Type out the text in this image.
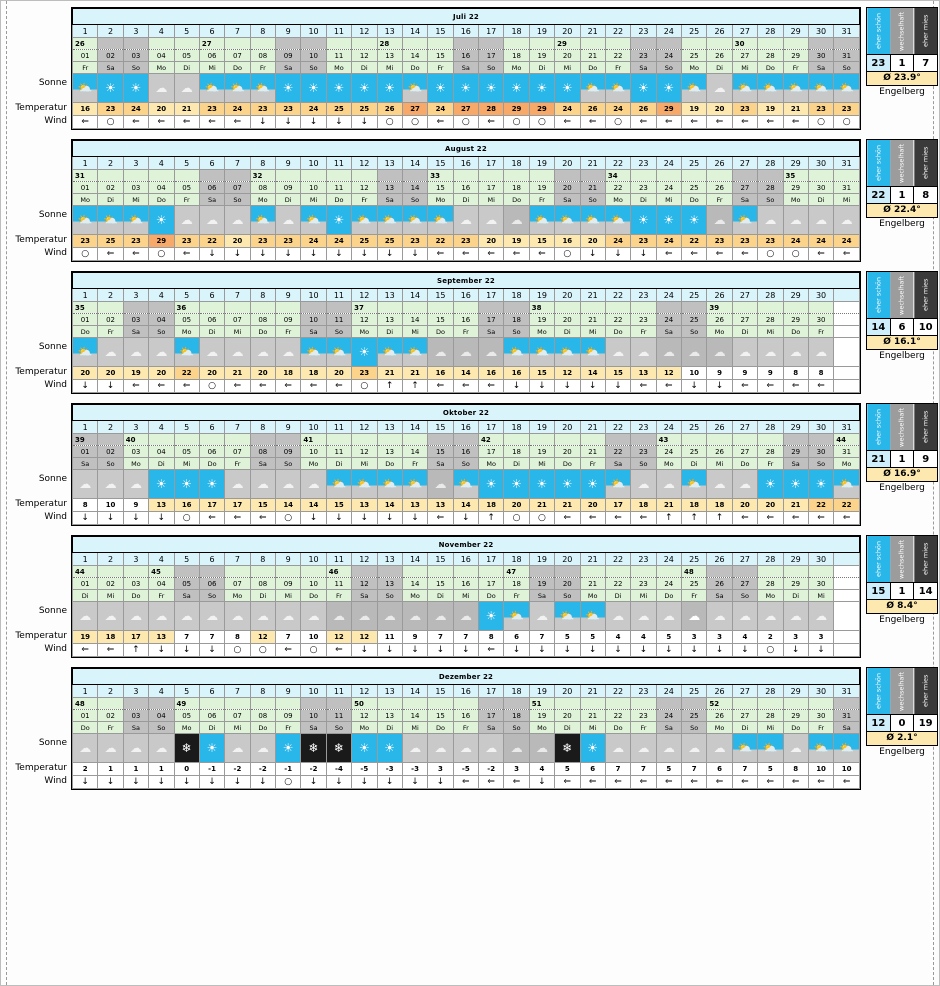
Sonne
Temperatur
Wind
Juli 22																														
1	2	3	4	5	6	7	8	9	10	11	12	13	14	15	16	17	18	19	20	21	22	23	24	25	26	27	28	29	30	31
26					27							28							29							30				
01	02	03	04	05	06	07	08	09	10	11	12	13	14	15	16	17	18	19	20	21	22	23	24	25	26	27	28	29	30	31
Fr	Sa	So	Mo	Di	Mi	Do	Fr	Sa	So	Mo	Di	Mi	Do	Fr	Sa	So	Mo	Di	Mi	Do	Fr	Sa	So	Mo	Di	Mi	Do	Fr	Sa	So

⛅	☀	☀	☁	☁	⛅	⛅	⛅	☀	☀	☀	☀	☀	⛅	☀	☀	☀	☀	☀	☀	⛅	⛅	☀	☀	⛅	☁	⛅	⛅	⛅	⛅	⛅

16	23	24	20	21	23	24	23	23	24	25	25	26	27	24	27	28	29	29	24	26	24	26	29	19	20	23	19	21	23	23
⇐	○	⇐	⇐	⇐	⇐	⇐	↓	↓	↓	↓	↓	○	○	⇐	○	⇐	○	○	⇐	⇐	○	⇐	⇐	⇐	⇐	⇐	⇐	⇐	○	○
eher schön	wechselhaft	eher mies
23	1	7
Ø 23.9°
Engelberg
Sonne
Temperatur
Wind
August 22																														
1	2	3	4	5	6	7	8	9	10	11	12	13	14	15	16	17	18	19	20	21	22	23	24	25	26	27	28	29	30	31
31							32							33							34							35		
01	02	03	04	05	06	07	08	09	10	11	12	13	14	15	16	17	18	19	20	21	22	23	24	25	26	27	28	29	30	31
Mo	Di	Mi	Do	Fr	Sa	So	Mo	Di	Mi	Do	Fr	Sa	So	Mo	Di	Mi	Do	Fr	Sa	So	Mo	Di	Mi	Do	Fr	Sa	So	Mo	Di	Mi

⛅	⛅	⛅	☀	☁	☁	☁	⛅	☁	⛅	☀	⛅	⛅	⛅	⛅	☁	☁	☁	⛅	⛅	⛅	⛅	☀	☀	☀	☁	⛅	☁	☁	☁	☁

23	25	23	29	23	22	20	23	23	24	24	25	25	23	22	23	20	19	15	16	20	24	23	24	22	23	23	23	24	24	24
○	⇐	⇐	○	⇐	↓	↓	↓	↓	↓	↓	↓	↓	↓	⇐	⇐	⇐	⇐	⇐	○	↓	↓	↓	⇐	⇐	⇐	⇐	○	○	⇐	⇐
eher schön	wechselhaft	eher mies
22	1	8
Ø 22.4°
Engelberg
Sonne
Temperatur
Wind
September 22																														
1	2	3	4	5	6	7	8	9	10	11	12	13	14	15	16	17	18	19	20	21	22	23	24	25	26	27	28	29	30	
35				36							37							38							39					
01	02	03	04	05	06	07	08	09	10	11	12	13	14	15	16	17	18	19	20	21	22	23	24	25	26	27	28	29	30	
Do	Fr	Sa	So	Mo	Di	Mi	Do	Fr	Sa	So	Mo	Di	Mi	Do	Fr	Sa	So	Mo	Di	Mi	Do	Fr	Sa	So	Mo	Di	Mi	Do	Fr	

⛅	☁	☁	☁	⛅	☁	☁	☁	☁	⛅	⛅	☀	⛅	⛅	☁	☁	☁	⛅	⛅	⛅	⛅	☁	☁	☁	☁	☁	☁	☁	☁	☁	

20	20	19	20	22	20	21	20	18	18	20	23	21	21	16	14	16	16	15	12	14	15	13	12	10	9	9	9	8	8	
↓	↓	⇐	⇐	⇐	○	⇐	⇐	⇐	⇐	⇐	○	↑	↑	⇐	⇐	⇐	↓	↓	↓	↓	↓	⇐	⇐	↓	↓	⇐	⇐	⇐	⇐	
eher schön	wechselhaft	eher mies
14	6	10
Ø 16.1°
Engelberg
Sonne
Temperatur
Wind
Oktober 22																														
1	2	3	4	5	6	7	8	9	10	11	12	13	14	15	16	17	18	19	20	21	22	23	24	25	26	27	28	29	30	31
39		40							41							42							43							44
01	02	03	04	05	06	07	08	09	10	11	12	13	14	15	16	17	18	19	20	21	22	23	24	25	26	27	28	29	30	31
Sa	So	Mo	Di	Mi	Do	Fr	Sa	So	Mo	Di	Mi	Do	Fr	Sa	So	Mo	Di	Mi	Do	Fr	Sa	So	Mo	Di	Mi	Do	Fr	Sa	So	Mo

☁	☁	☁	☀	☀	☀	☁	☁	☁	☁	⛅	⛅	⛅	⛅	☁	⛅	☀	☀	☀	☀	☀	⛅	☁	☁	⛅	☁	☁	☀	☀	☀	⛅

8	10	9	13	16	17	17	15	14	14	15	13	14	13	13	14	18	20	21	21	20	17	18	21	18	18	20	20	21	22	22
↓	↓	↓	↓	○	⇐	⇐	⇐	○	↓	↓	↓	↓	↓	⇐	↓	↑	○	○	⇐	⇐	⇐	⇐	↑	↑	↑	⇐	⇐	⇐	⇐	⇐
eher schön	wechselhaft	eher mies
21	1	9
Ø 16.9°
Engelberg
Sonne
Temperatur
Wind
November 22																														
1	2	3	4	5	6	7	8	9	10	11	12	13	14	15	16	17	18	19	20	21	22	23	24	25	26	27	28	29	30	
44			45							46							47							48						
01	02	03	04	05	06	07	08	09	10	11	12	13	14	15	16	17	18	19	20	21	22	23	24	25	26	27	28	29	30	
Di	Mi	Do	Fr	Sa	So	Mo	Di	Mi	Do	Fr	Sa	So	Mo	Di	Mi	Do	Fr	Sa	So	Mo	Di	Mi	Do	Fr	Sa	So	Mo	Di	Mi	

☁	☁	☁	☁	☁	☁	☁	☁	☁	☁	☁	☁	☁	☁	☁	☁	☀	⛅	☁	⛅	⛅	☁	☁	☁	☁	☁	☁	☁	☁	☁	

19	18	17	13	7	7	8	12	7	10	12	12	11	9	7	7	8	6	7	5	5	4	4	5	3	3	4	2	3	3	
⇐	⇐	↑	↓	↓	↓	○	○	⇐	○	⇐	↓	↓	↓	↓	↓	⇐	↓	↓	↓	↓	↓	↓	↓	↓	↓	↓	○	↓	↓	
eher schön	wechselhaft	eher mies
15	1	14
Ø 8.4°
Engelberg
Sonne
Temperatur
Wind
Dezember 22																														
1	2	3	4	5	6	7	8	9	10	11	12	13	14	15	16	17	18	19	20	21	22	23	24	25	26	27	28	29	30	31
48				49							50							51							52					
01	02	03	04	05	06	07	08	09	10	11	12	13	14	15	16	17	18	19	20	21	22	23	24	25	26	27	28	29	30	31
Do	Fr	Sa	So	Mo	Di	Mi	Do	Fr	Sa	So	Mo	Di	Mi	Do	Fr	Sa	So	Mo	Di	Mi	Do	Fr	Sa	So	Mo	Di	Mi	Do	Fr	Sa

☁	☁	☁	☁	❄	☀	☁	☁	☀	❄	❄	☀	☀	☁	☁	☁	☁	☁	☁	❄	☀	☁	☁	☁	☁	☁	⛅	⛅	☁	⛅	⛅

2	1	1	1	0	-1	-2	-2	-1	-2	-4	-5	-3	-3	3	-5	-2	3	4	5	6	7	7	5	7	6	7	5	8	10	10
↓	↓	↓	↓	↓	↓	↓	↓	○	↓	↓	↓	↓	↓	↓	⇐	⇐	⇐	↓	⇐	⇐	⇐	⇐	⇐	⇐	⇐	⇐	⇐	⇐	⇐	⇐
eher schön	wechselhaft	eher mies
12	0	19
Ø 2.1°
Engelberg
